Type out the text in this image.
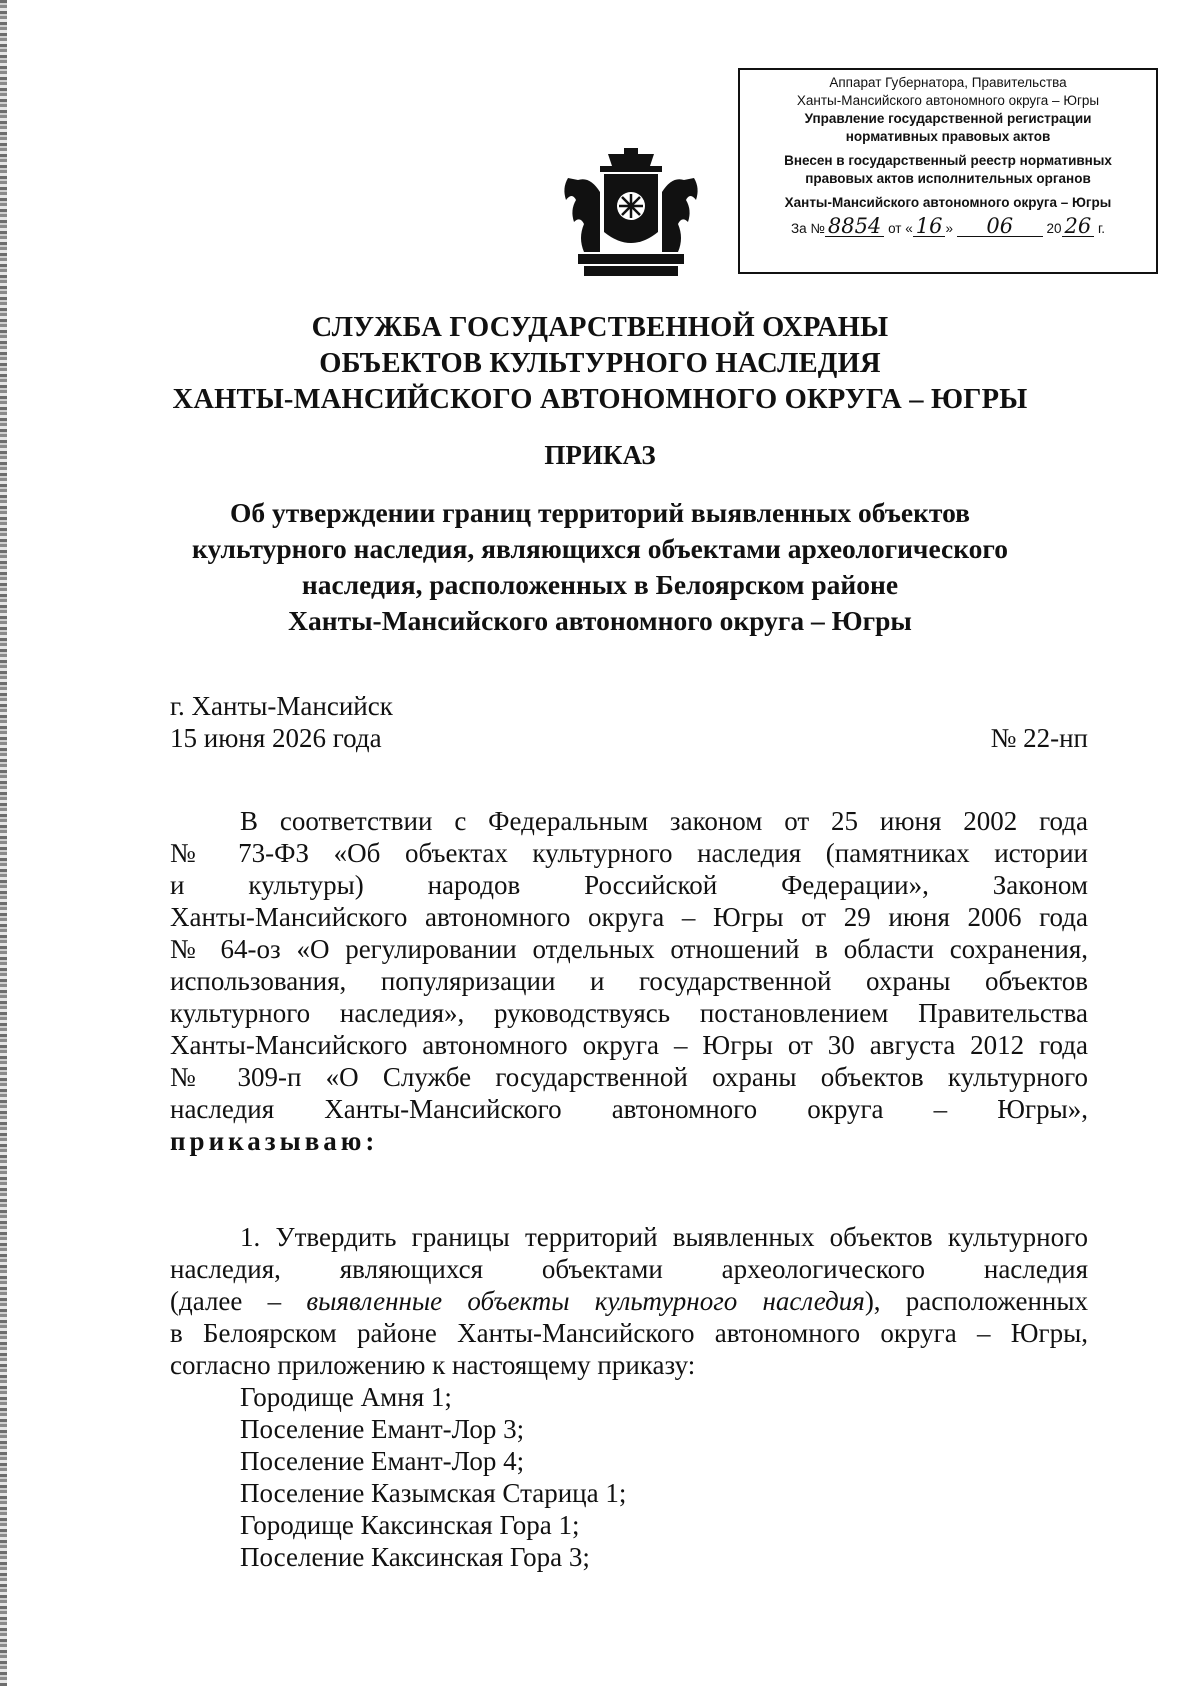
Аппарат Губернатора, Правительства
Ханты-Мансийского автономного округа – Югры
Управление государственной регистрации
нормативных правовых актов
Внесен в государственный реестр нормативных
правовых актов исполнительных органов
Ханты-Мансийского автономного округа – Югры
За № 8854 от « 16 » 06 20 26 г.
СЛУЖБА ГОСУДАРСТВЕННОЙ ОХРАНЫ
ОБЪЕКТОВ КУЛЬТУРНОГО НАСЛЕДИЯ
ХАНТЫ-МАНСИЙСКОГО АВТОНОМНОГО ОКРУГА – ЮГРЫ
ПРИКАЗ
Об утверждении границ территорий выявленных объектов
культурного наследия, являющихся объектами археологического
наследия, расположенных в Белоярском районе
Ханты-Мансийского автономного округа – Югры
г. Ханты-Мансийск
15 июня 2026 года	№ 22-нп
В соответствии с Федеральным законом от 25 июня 2002 года
№ 73-ФЗ «Об объектах культурного наследия (памятниках истории
и культуры) народов Российской Федерации», Законом
Ханты-Мансийского автономного округа – Югры от 29 июня 2006 года
№ 64-оз «О регулировании отдельных отношений в области сохранения,
использования, популяризации и государственной охраны объектов
культурного наследия», руководствуясь постановлением Правительства
Ханты-Мансийского автономного округа – Югры от 30 августа 2012 года
№ 309-п «О Службе государственной охраны объектов культурного
наследия Ханты-Мансийского автономного округа – Югры»,
приказываю:
1. Утвердить границы территорий выявленных объектов культурного
наследия, являющихся объектами археологического наследия
(далее – выявленные объекты культурного наследия), расположенных
в Белоярском районе Ханты-Мансийского автономного округа – Югры,
согласно приложению к настоящему приказу:
Городище Амня 1;
Поселение Емант-Лор 3;
Поселение Емант-Лор 4;
Поселение Казымская Старица 1;
Городище Каксинская Гора 1;
Поселение Каксинская Гора 3;
